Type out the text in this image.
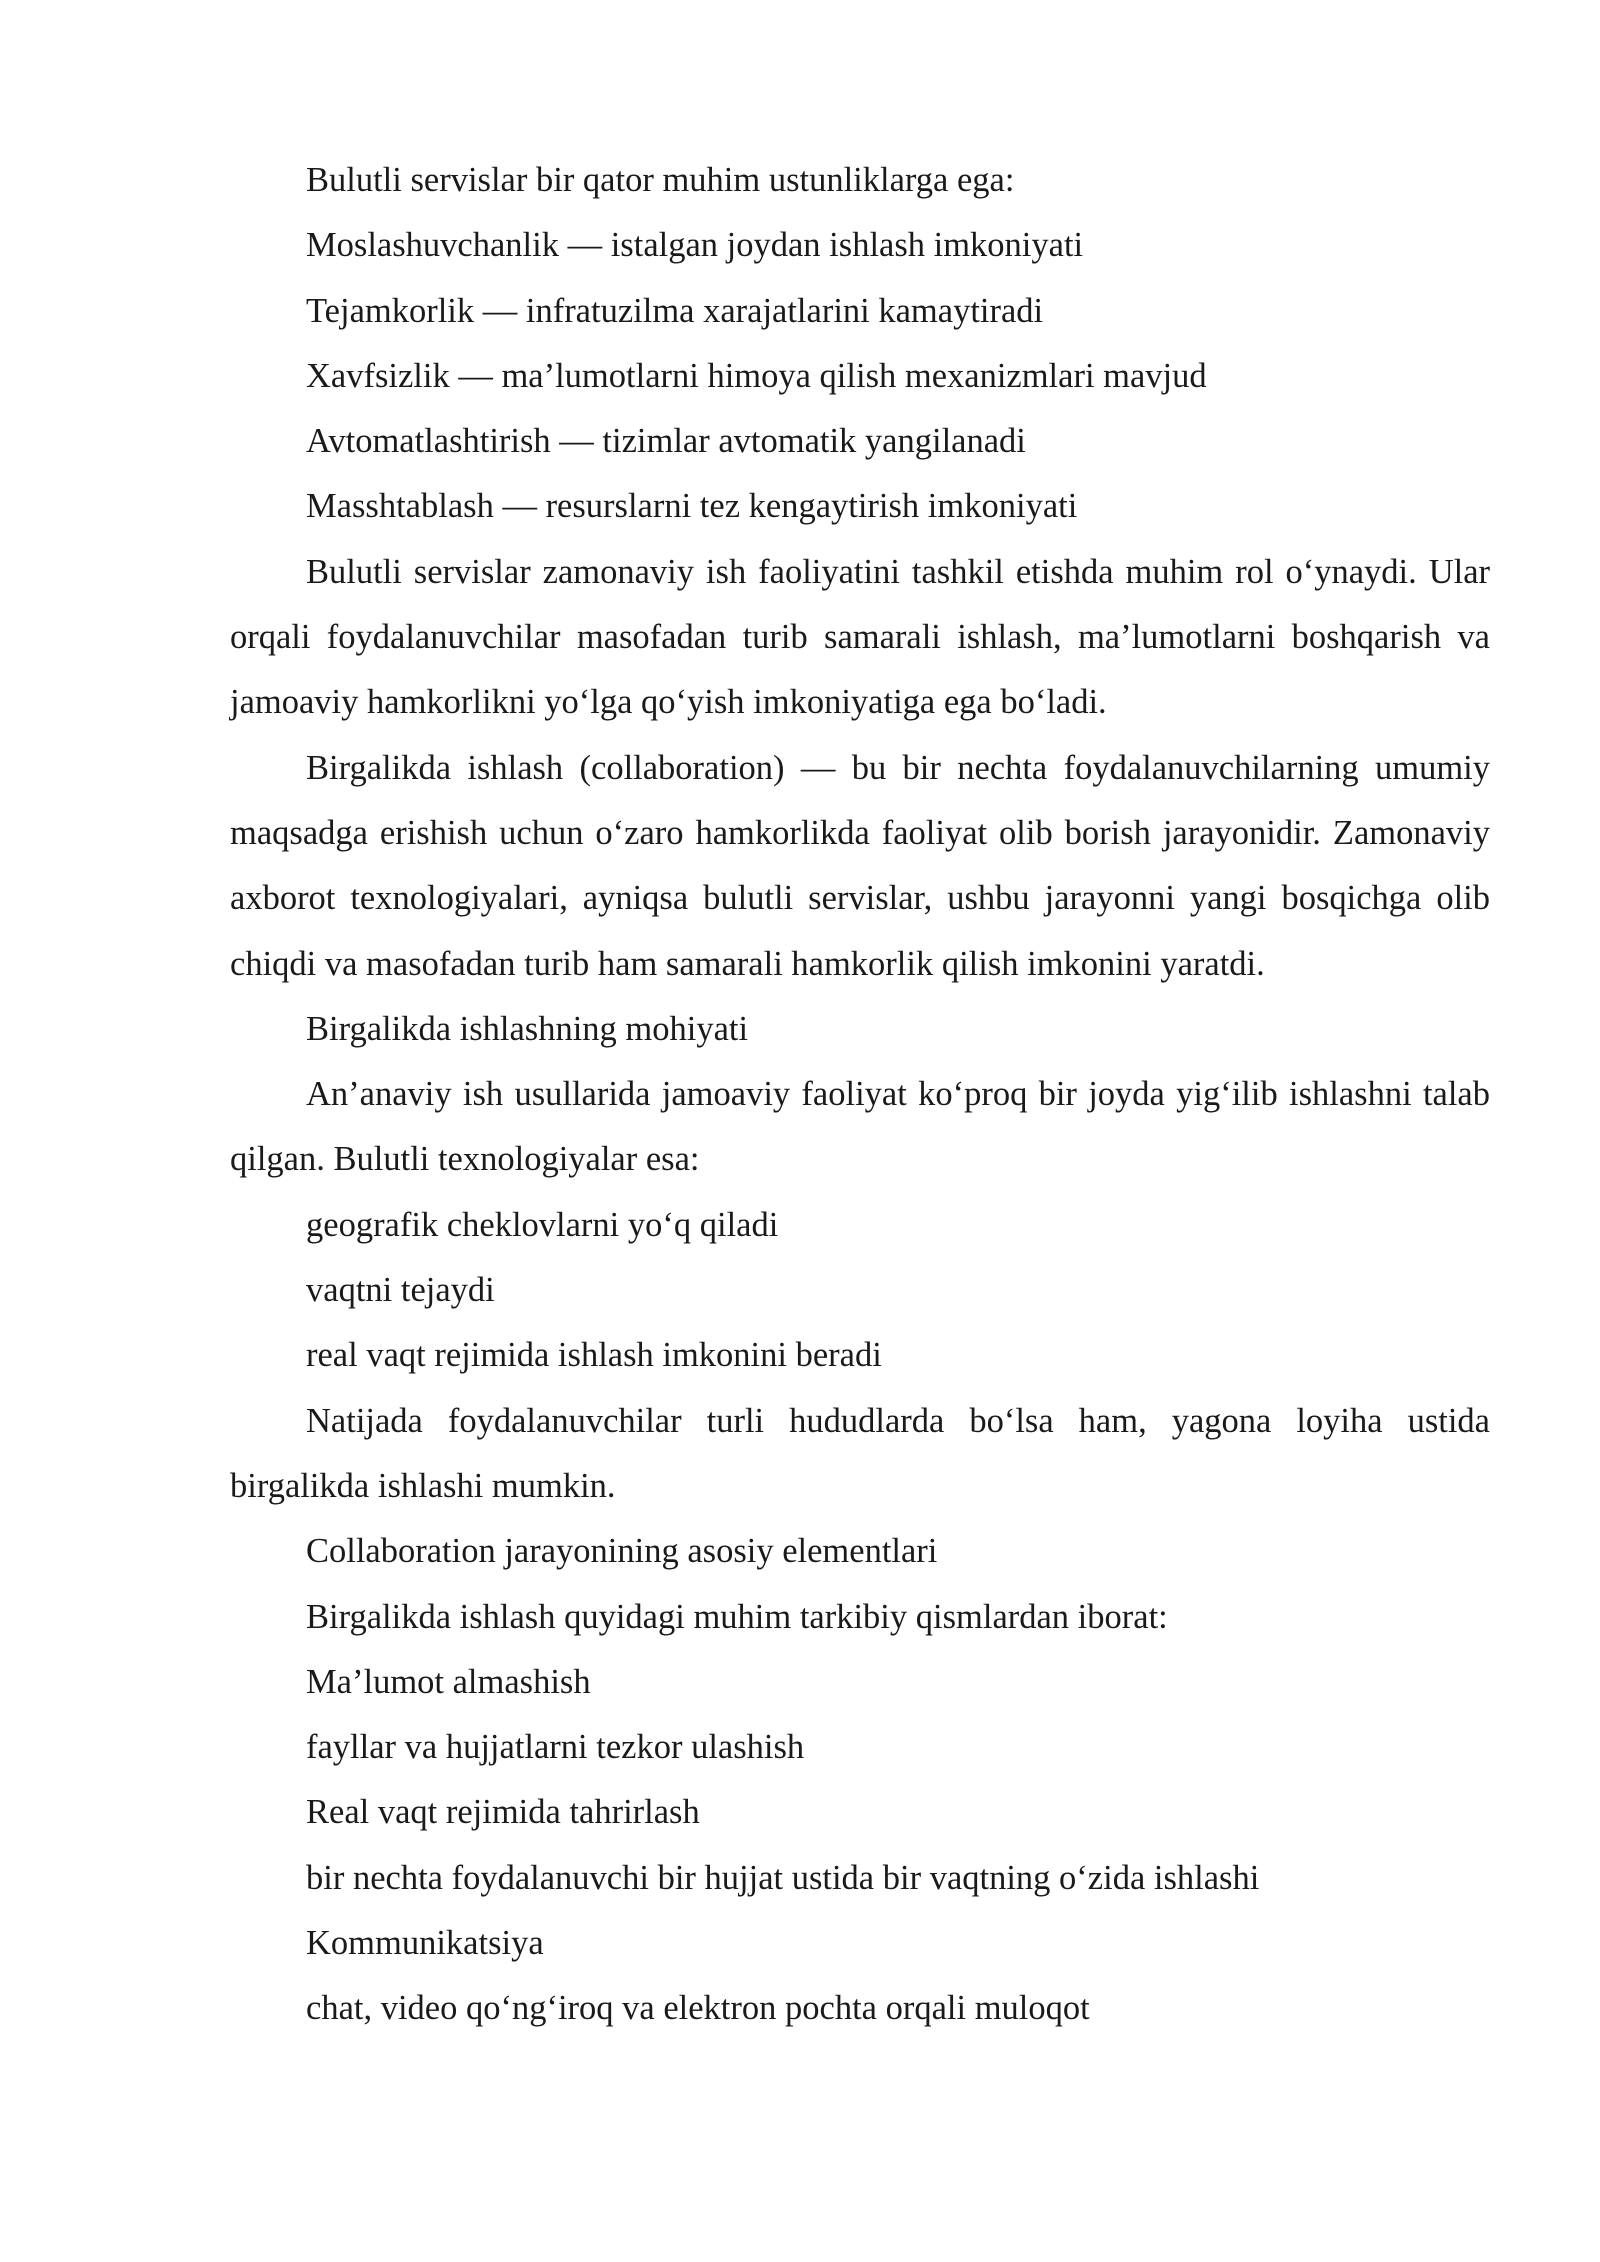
Bulutli servislar bir qator muhim ustunliklarga ega:

Moslashuvchanlik — istalgan joydan ishlash imkoniyati

Tejamkorlik — infratuzilma xarajatlarini kamaytiradi

Xavfsizlik — ma’lumotlarni himoya qilish mexanizmlari mavjud

Avtomatlashtirish — tizimlar avtomatik yangilanadi

Masshtablash — resurslarni tez kengaytirish imkoniyati

Bulutli servislar zamonaviy ish faoliyatini tashkil etishda muhim rol o‘ynaydi. Ular orqali foydalanuvchilar masofadan turib samarali ishlash, ma’lumotlarni boshqarish va jamoaviy hamkorlikni yo‘lga qo‘yish imkoniyatiga ega bo‘ladi.

Birgalikda ishlash (collaboration) — bu bir nechta foydalanuvchilarning umumiy maqsadga erishish uchun o‘zaro hamkorlikda faoliyat olib borish jarayonidir. Zamonaviy axborot texnologiyalari, ayniqsa bulutli servislar, ushbu jarayonni yangi bosqichga olib chiqdi va masofadan turib ham samarali hamkorlik qilish imkonini yaratdi.

Birgalikda ishlashning mohiyati

An’anaviy ish usullarida jamoaviy faoliyat ko‘proq bir joyda yig‘ilib ishlashni talab qilgan. Bulutli texnologiyalar esa:

geografik cheklovlarni yo‘q qiladi

vaqtni tejaydi

real vaqt rejimida ishlash imkonini beradi

Natijada foydalanuvchilar turli hududlarda bo‘lsa ham, yagona loyiha ustida birgalikda ishlashi mumkin.

Collaboration jarayonining asosiy elementlari

Birgalikda ishlash quyidagi muhim tarkibiy qismlardan iborat:

Ma’lumot almashish

fayllar va hujjatlarni tezkor ulashish

Real vaqt rejimida tahrirlash

bir nechta foydalanuvchi bir hujjat ustida bir vaqtning o‘zida ishlashi

Kommunikatsiya

chat, video qo‘ng‘iroq va elektron pochta orqali muloqot
